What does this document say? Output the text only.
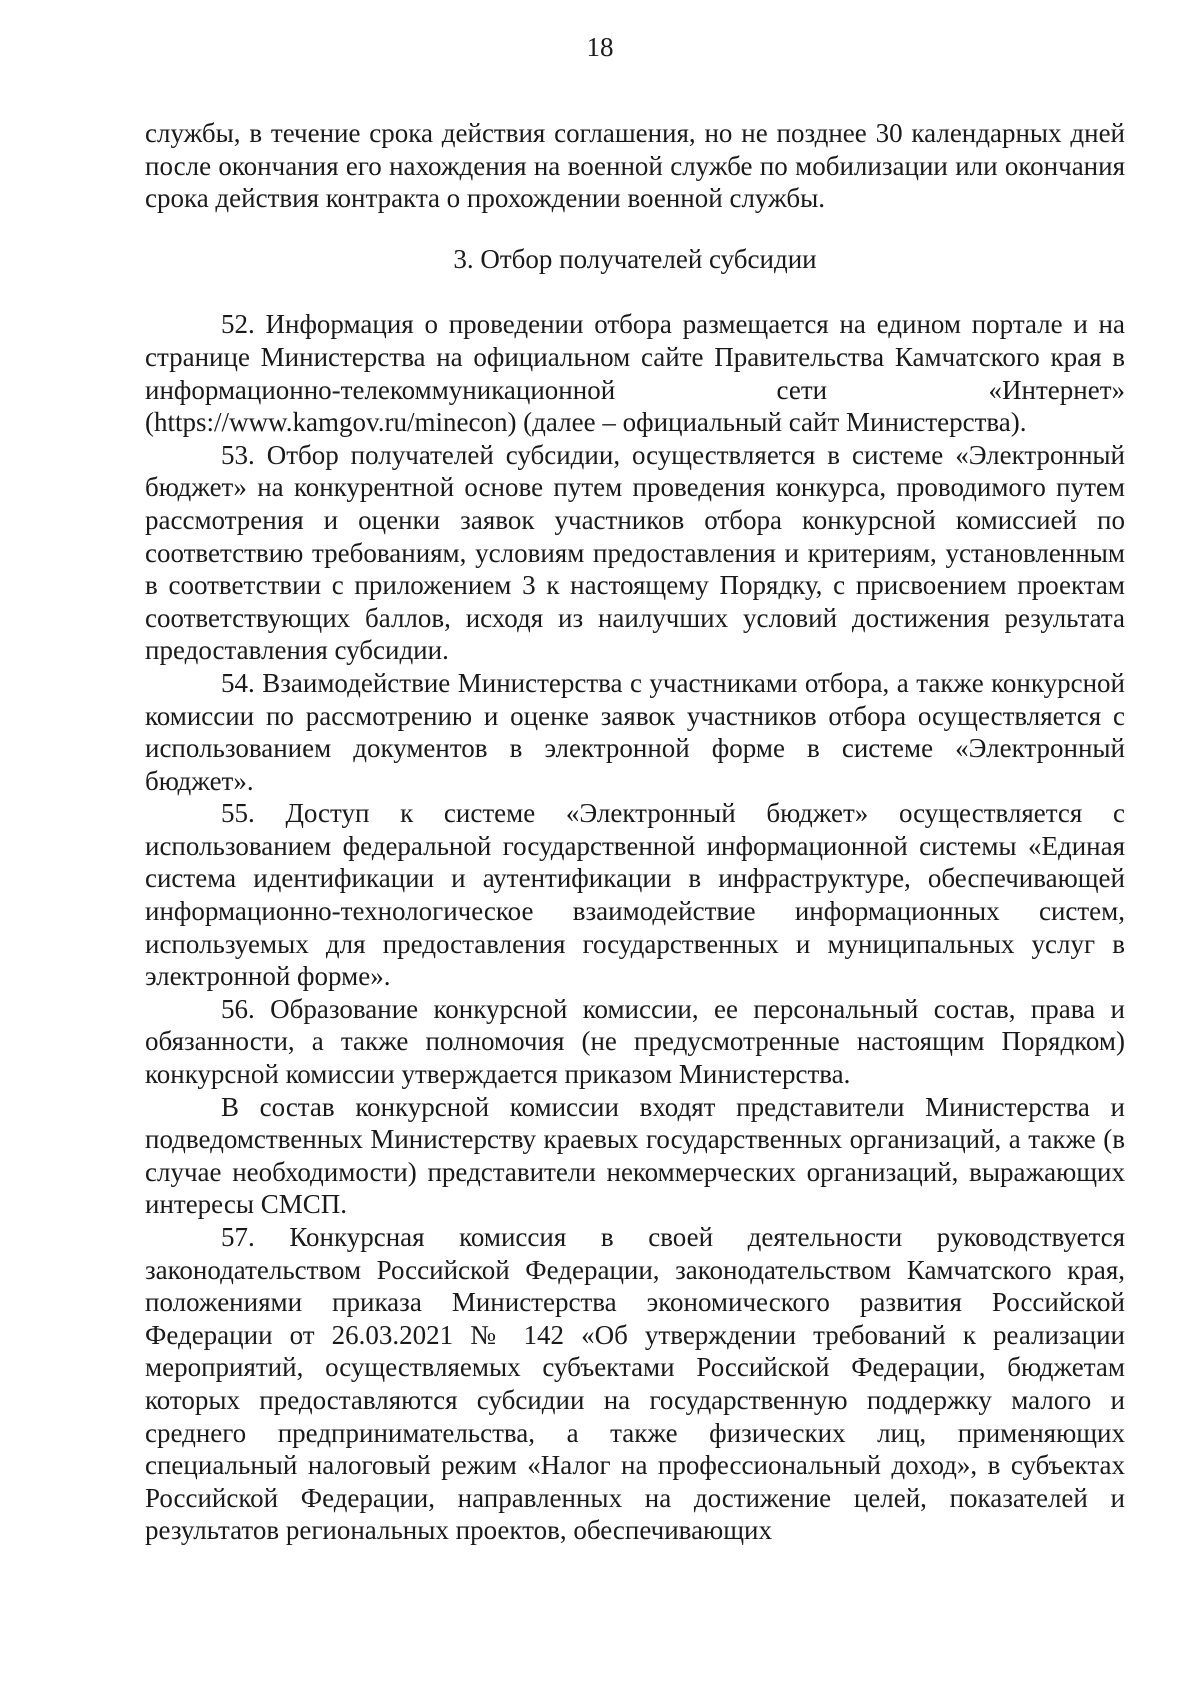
18

службы, в течение срока действия соглашения, но не позднее 30 календарных дней после окончания его нахождения на военной службе по мобилизации или окончания срока действия контракта о прохождении военной службы.

3. Отбор получателей субсидии

52. Информация о проведении отбора размещается на едином портале и на странице Министерства на официальном сайте Правительства Камчатского края в информационно-телекоммуникационной сети «Интернет» (https://www.kamgov.ru/minecon) (далее – официальный сайт Министерства).

53. Отбор получателей субсидии, осуществляется в системе «Электронный бюджет» на конкурентной основе путем проведения конкурса, проводимого путем рассмотрения и оценки заявок участников отбора конкурсной комиссией по соответствию требованиям, условиям предоставления и критериям, установленным в соответствии с приложением 3 к настоящему Порядку, с присвоением проектам соответствующих баллов, исходя из наилучших условий достижения результата предоставления субсидии.

54. Взаимодействие Министерства с участниками отбора, а также конкурсной комиссии по рассмотрению и оценке заявок участников отбора осуществляется с использованием документов в электронной форме в системе «Электронный бюджет».

55. Доступ к системе «Электронный бюджет» осуществляется с использованием федеральной государственной информационной системы «Единая система идентификации и аутентификации в инфраструктуре, обеспечивающей информационно-технологическое взаимодействие информационных систем, используемых для предоставления государственных и муниципальных услуг в электронной форме».

56. Образование конкурсной комиссии, ее персональный состав, права и обязанности, а также полномочия (не предусмотренные настоящим Порядком) конкурсной комиссии утверждается приказом Министерства.

В состав конкурсной комиссии входят представители Министерства и подведомственных Министерству краевых государственных организаций, а также (в случае необходимости) представители некоммерческих организаций, выражающих интересы СМСП.

57. Конкурсная комиссия в своей деятельности руководствуется законодательством Российской Федерации, законодательством Камчатского края, положениями приказа Министерства экономического развития Российской Федерации от 26.03.2021 № 142 «Об утверждении требований к реализации мероприятий, осуществляемых субъектами Российской Федерации, бюджетам которых предоставляются субсидии на государственную поддержку малого и среднего предпринимательства, а также физических лиц, применяющих специальный налоговый режим «Налог на профессиональный доход», в субъектах Российской Федерации, направленных на достижение целей, показателей и результатов региональных проектов, обеспечивающих
